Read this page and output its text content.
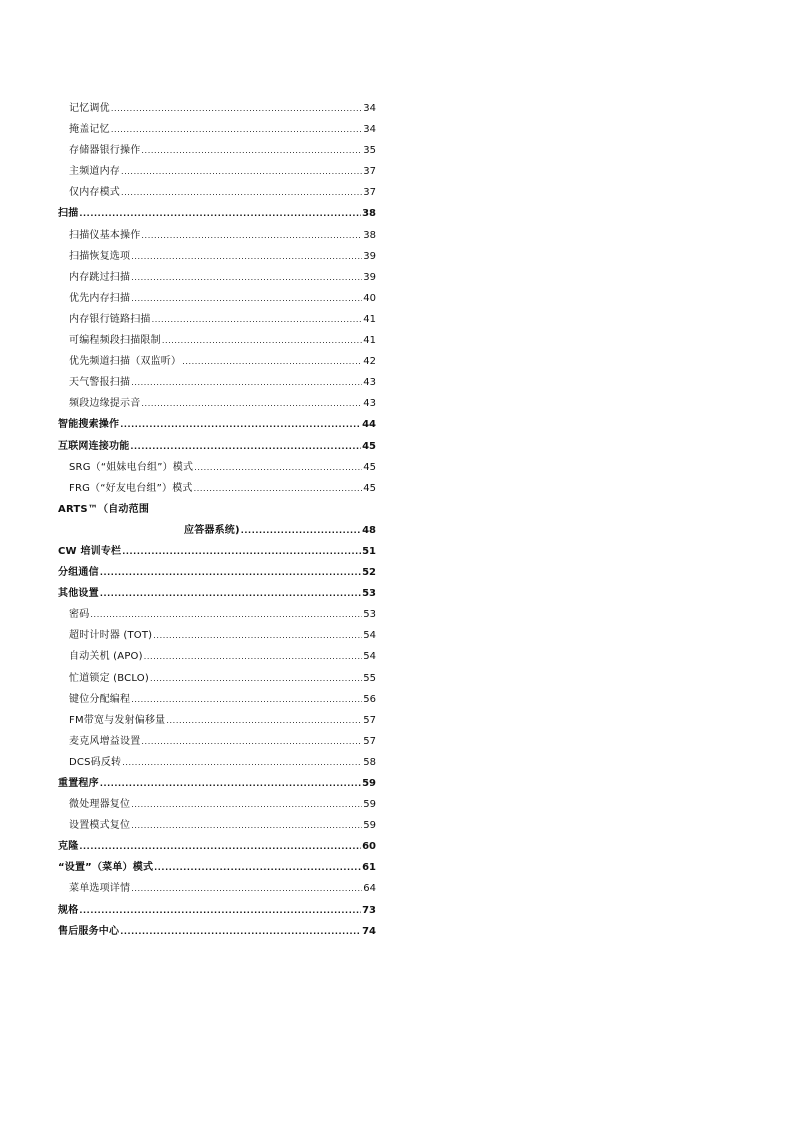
记忆调优 .....	34
掩盖记忆 .....	34
存储器银行操作 .....	35
主频道内存 .....	37
仅内存模式 .....	37
扫描 .....	38
扫描仪基本操作 .....	38
扫描恢复选项 .....	39
内存跳过扫描 .....	39
优先内存扫描 .....	40
内存银行链路扫描 .....	41
可编程频段扫描限制 .....	41
优先频道扫描（双监听） .....	42
天气警报扫描 .....	43
频段边缘提示音 .....	43
智能搜索操作 .....	44
互联网连接功能 .....	45
SRG（“姐妹电台组”）模式 .....	45
FRG（“好友电台组”）模式 .....	45
ARTS™（自动范围
应答器系统) .....	48
CW 培训专栏 .....	51
分组通信 .....	52
其他设置 .....	53
密码 .....	53
超时计时器 (TOT) .....	54
自动关机 (APO) .....	54
忙道锁定 (BCLO) .....	55
键位分配编程 .....	56
FM带宽与发射偏移量 .....	57
麦克风增益设置 .....	57
DCS码反转 .....	58
重置程序 .....	59
微处理器复位 .....	59
设置模式复位 .....	59
克隆 .....	60
“设置”（菜单）模式 .....	61
菜单选项详情 .....	64
规格 .....	73
售后服务中心 .....	74
